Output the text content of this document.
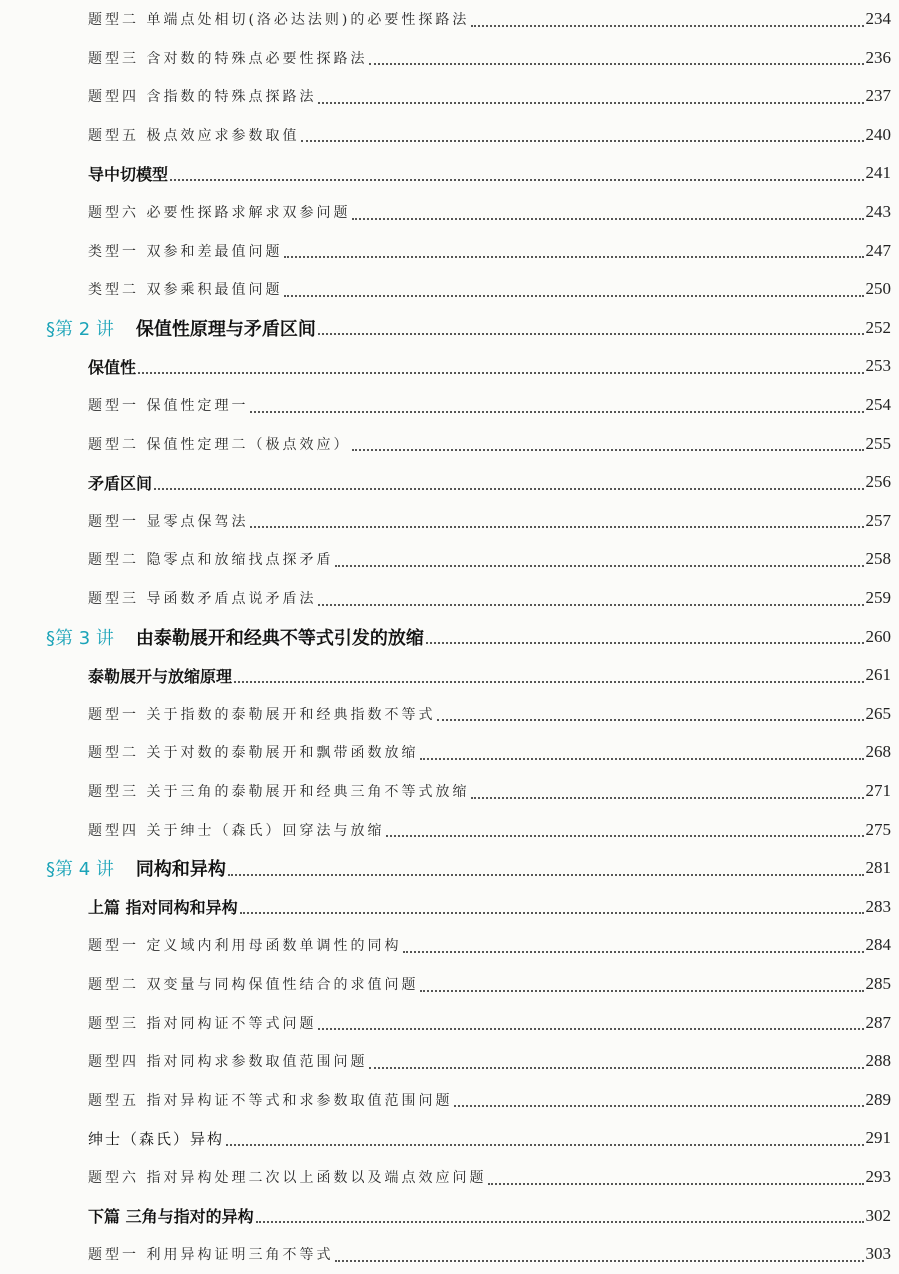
题型二 单端点处相切(洛必达法则)的必要性探路法	234
题型三 含对数的特殊点必要性探路法	236
题型四 含指数的特殊点探路法	237
题型五 极点效应求参数取值	240
导中切模型	241
题型六 必要性探路求解求双参问题	243
类型一 双参和差最值问题	247
类型二 双参乘积最值问题	250
§第 2 讲 保值性原理与矛盾区间	252
保值性	253
题型一 保值性定理一	254
题型二 保值性定理二（极点效应）	255
矛盾区间	256
题型一 显零点保驾法	257
题型二 隐零点和放缩找点探矛盾	258
题型三 导函数矛盾点说矛盾法	259
§第 3 讲 由泰勒展开和经典不等式引发的放缩	260
泰勒展开与放缩原理	261
题型一 关于指数的泰勒展开和经典指数不等式	265
题型二 关于对数的泰勒展开和飘带函数放缩	268
题型三 关于三角的泰勒展开和经典三角不等式放缩	271
题型四 关于绅士（森氏）回穿法与放缩	275
§第 4 讲 同构和异构	281
上篇 指对同构和异构	283
题型一 定义域内利用母函数单调性的同构	284
题型二 双变量与同构保值性结合的求值问题	285
题型三 指对同构证不等式问题	287
题型四 指对同构求参数取值范围问题	288
题型五 指对异构证不等式和求参数取值范围问题	289
绅士（森氏）异构	291
题型六 指对异构处理二次以上函数以及端点效应问题	293
下篇 三角与指对的异构	302
题型一 利用异构证明三角不等式	303
